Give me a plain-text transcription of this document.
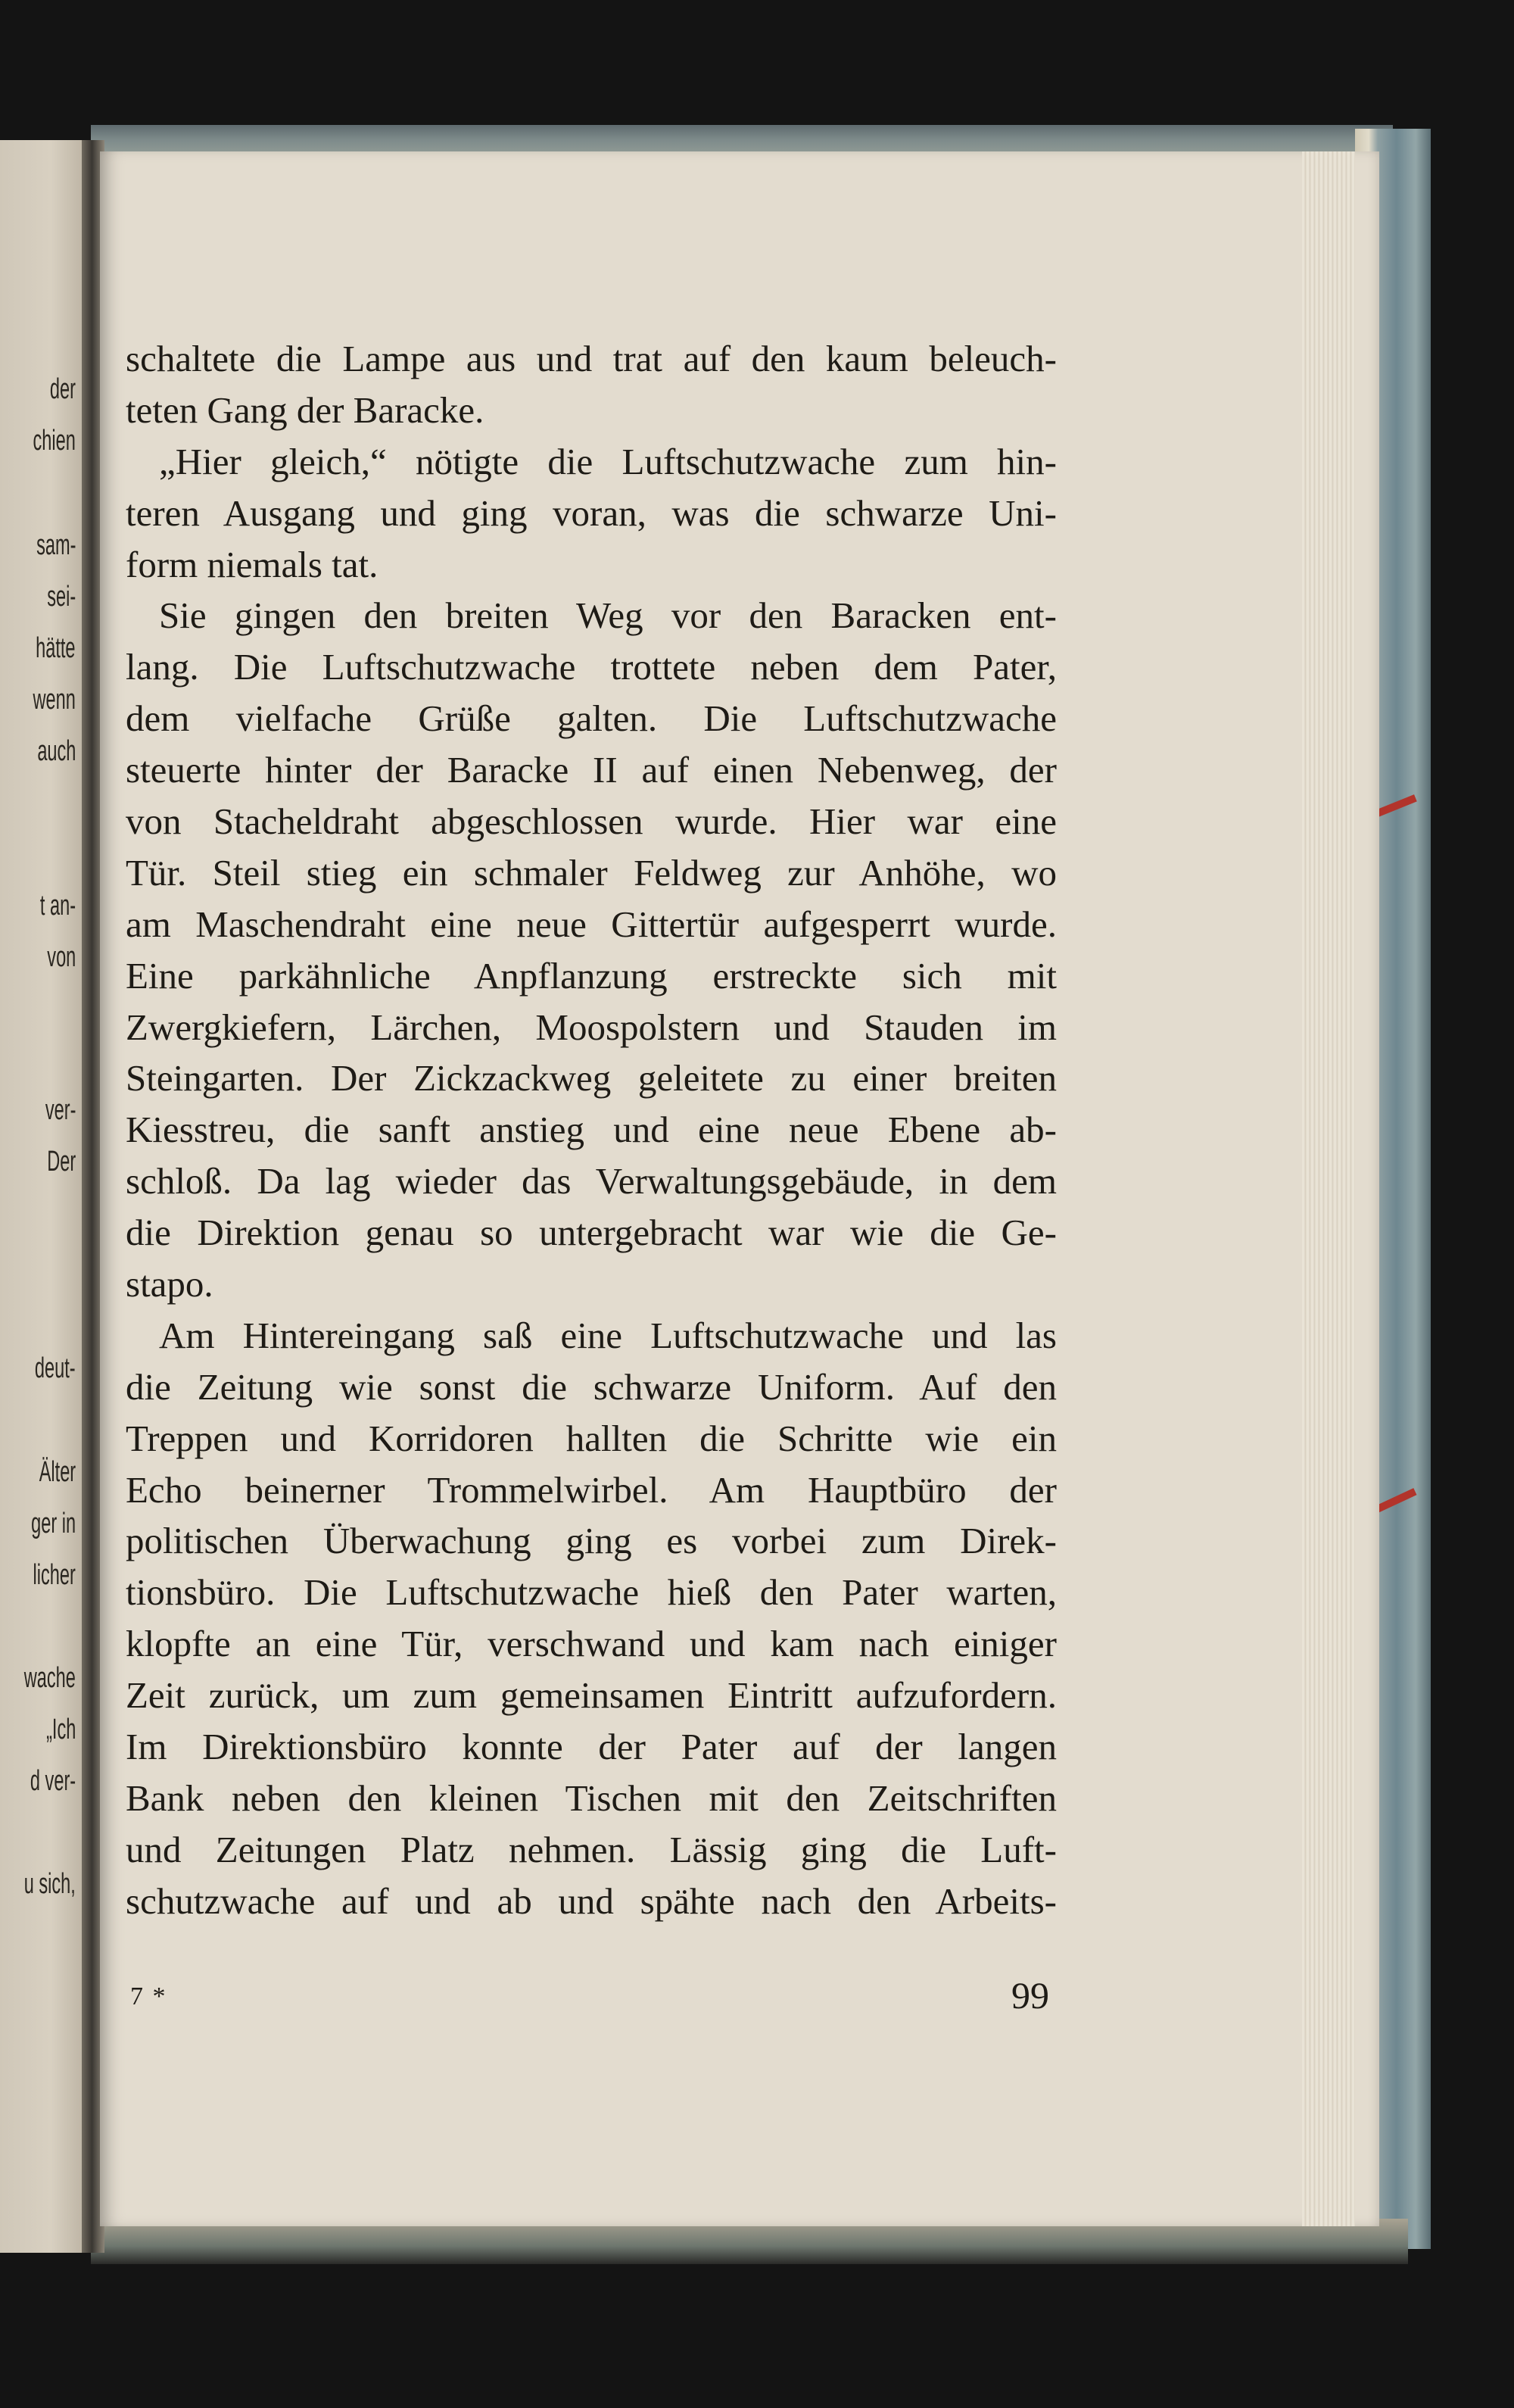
der
chien
sam-
sei-
hätte
wenn
auch
t an-
von
ver-
Der
deut-
Älter
ger in
licher
wache
„Ich
d ver-
u sich,
schaltete die Lampe aus und trat auf den kaum beleuch-
teten Gang der Baracke.
„Hier gleich,“ nötigte die Luftschutzwache zum hin-
teren Ausgang und ging voran, was die schwarze Uni-
form niemals tat.
Sie gingen den breiten Weg vor den Baracken ent-
lang. Die Luftschutzwache trottete neben dem Pater,
dem vielfache Grüße galten. Die Luftschutzwache
steuerte hinter der Baracke II auf einen Nebenweg, der
von Stacheldraht abgeschlossen wurde. Hier war eine
Tür. Steil stieg ein schmaler Feldweg zur Anhöhe, wo
am Maschendraht eine neue Gittertür aufgesperrt wurde.
Eine parkähnliche Anpflanzung erstreckte sich mit
Zwergkiefern, Lärchen, Moospolstern und Stauden im
Steingarten. Der Zickzackweg geleitete zu einer breiten
Kiesstreu, die sanft anstieg und eine neue Ebene ab-
schloß. Da lag wieder das Verwaltungsgebäude, in dem
die Direktion genau so untergebracht war wie die Ge-
stapo.
Am Hintereingang saß eine Luftschutzwache und las
die Zeitung wie sonst die schwarze Uniform. Auf den
Treppen und Korridoren hallten die Schritte wie ein
Echo beinerner Trommelwirbel. Am Hauptbüro der
politischen Überwachung ging es vorbei zum Direk-
tionsbüro. Die Luftschutzwache hieß den Pater warten,
klopfte an eine Tür, verschwand und kam nach einiger
Zeit zurück, um zum gemeinsamen Eintritt aufzufordern.
Im Direktionsbüro konnte der Pater auf der langen
Bank neben den kleinen Tischen mit den Zeitschriften
und Zeitungen Platz nehmen. Lässig ging die Luft-
schutzwache auf und ab und spähte nach den Arbeits-
7 *	99
